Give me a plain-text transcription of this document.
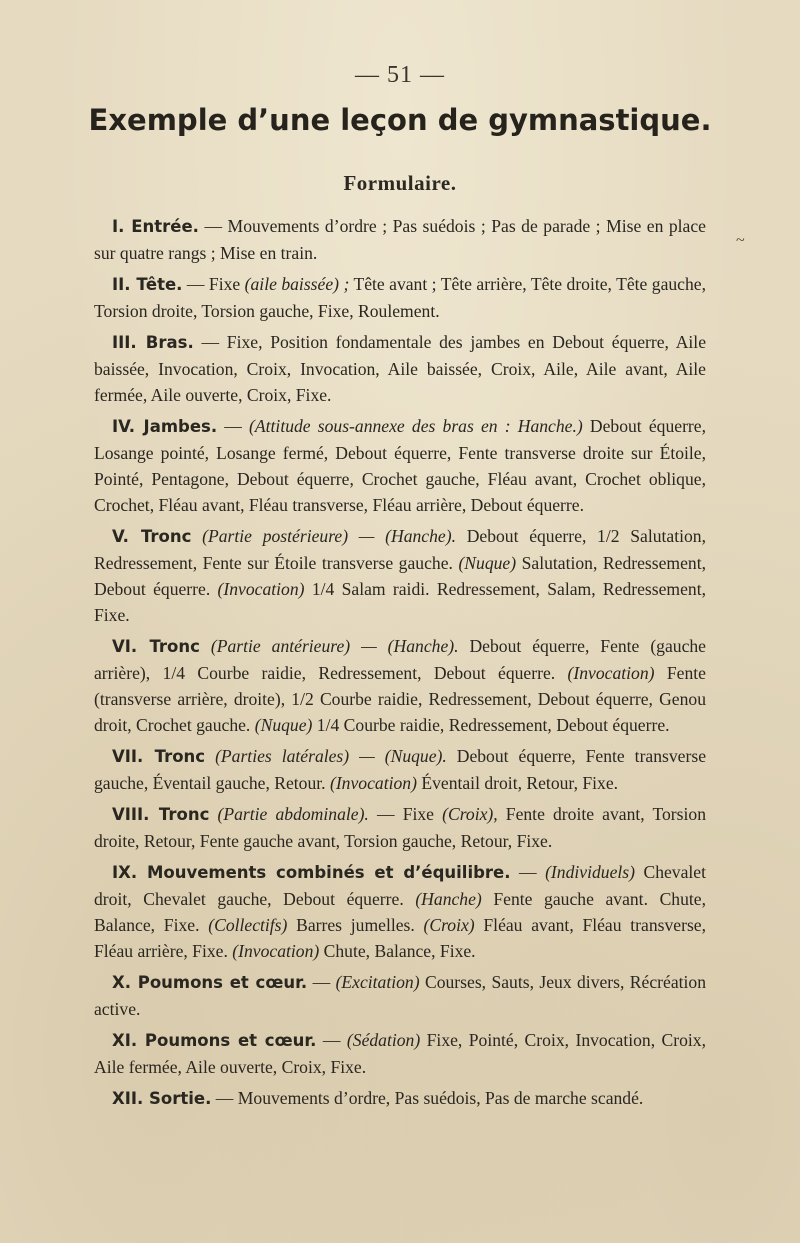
— 51 —
Exemple d’une leçon de gymnastique.
Formulaire.
~

I. Entrée. — Mouvements d’ordre ; Pas suédois ; Pas de parade ; Mise en place sur quatre rangs ; Mise en train.

II. Tête. — Fixe (aile baissée) ; Tête avant ; Tête arrière, Tête droite, Tête gauche, Torsion droite, Torsion gauche, Fixe, Roulement.

III. Bras. — Fixe, Position fondamentale des jambes en Debout équerre, Aile baissée, Invocation, Croix, Invocation, Aile baissée, Croix, Aile, Aile avant, Aile fermée, Aile ouverte, Croix, Fixe.

IV. Jambes. — (Attitude sous-annexe des bras en : Hanche.) Debout équerre, Losange pointé, Losange fermé, Debout équerre, Fente transverse droite sur Étoile, Pointé, Pentagone, Debout équerre, Crochet gauche, Fléau avant, Crochet oblique, Crochet, Fléau avant, Fléau transverse, Fléau arrière, Debout équerre.

V. Tronc (Partie postérieure) — (Hanche). Debout équerre, 1/2 Salutation, Redressement, Fente sur Étoile transverse gauche. (Nuque) Salutation, Redressement, Debout équerre. (Invocation) 1/4 Salam raidi. Redressement, Salam, Redressement, Fixe.

VI. Tronc (Partie antérieure) — (Hanche). Debout équerre, Fente (gauche arrière), 1/4 Courbe raidie, Redressement, Debout équerre. (Invocation) Fente (transverse arrière, droite), 1/2 Courbe raidie, Redressement, Debout équerre, Genou droit, Crochet gauche. (Nuque) 1/4 Courbe raidie, Redressement, Debout équerre.

VII. Tronc (Parties latérales) — (Nuque). Debout équerre, Fente transverse gauche, Éventail gauche, Retour. (Invocation) Éventail droit, Retour, Fixe.

VIII. Tronc (Partie abdominale). — Fixe (Croix), Fente droite avant, Torsion droite, Retour, Fente gauche avant, Torsion gauche, Retour, Fixe.

IX. Mouvements combinés et d’équilibre. — (Individuels) Chevalet droit, Chevalet gauche, Debout équerre. (Hanche) Fente gauche avant. Chute, Balance, Fixe. (Collectifs) Barres jumelles. (Croix) Fléau avant, Fléau transverse, Fléau arrière, Fixe. (Invocation) Chute, Balance, Fixe.

X. Poumons et cœur. — (Excitation) Courses, Sauts, Jeux divers, Récréation active.

XI. Poumons et cœur. — (Sédation) Fixe, Pointé, Croix, Invocation, Croix, Aile fermée, Aile ouverte, Croix, Fixe.

XII. Sortie. — Mouvements d’ordre, Pas suédois, Pas de marche scandé.
